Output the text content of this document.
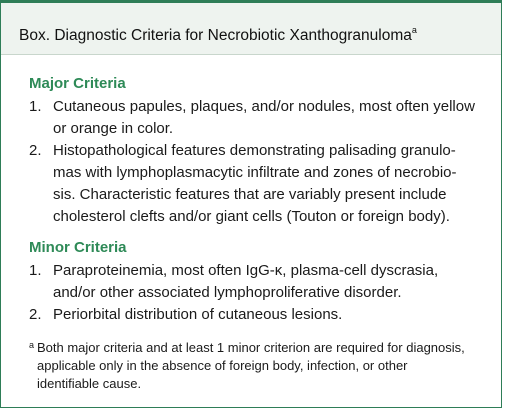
Box. Diagnostic Criteria for Necrobiotic Xanthogranuloma$^a$
Major Criteria
1. Cutaneous papules, plaques, and/or nodules, most often yellow
or orange in color.
2. Histopathological features demonstrating palisading granulo-
mas with lymphoplasmacytic infiltrate and zones of necrobio-
sis. Characteristic features that are variably present include
cholesterol clefts and/or giant cells (Touton or foreign body).
Minor Criteria
1. Paraproteinemia, most often IgG-κ, plasma-cell dyscrasia,
and/or other associated lymphoproliferative disorder.
2. Periorbital distribution of cutaneous lesions.
a Both major criteria and at least 1 minor criterion are required for diagnosis,
applicable only in the absence of foreign body, infection, or other
identifiable cause.
